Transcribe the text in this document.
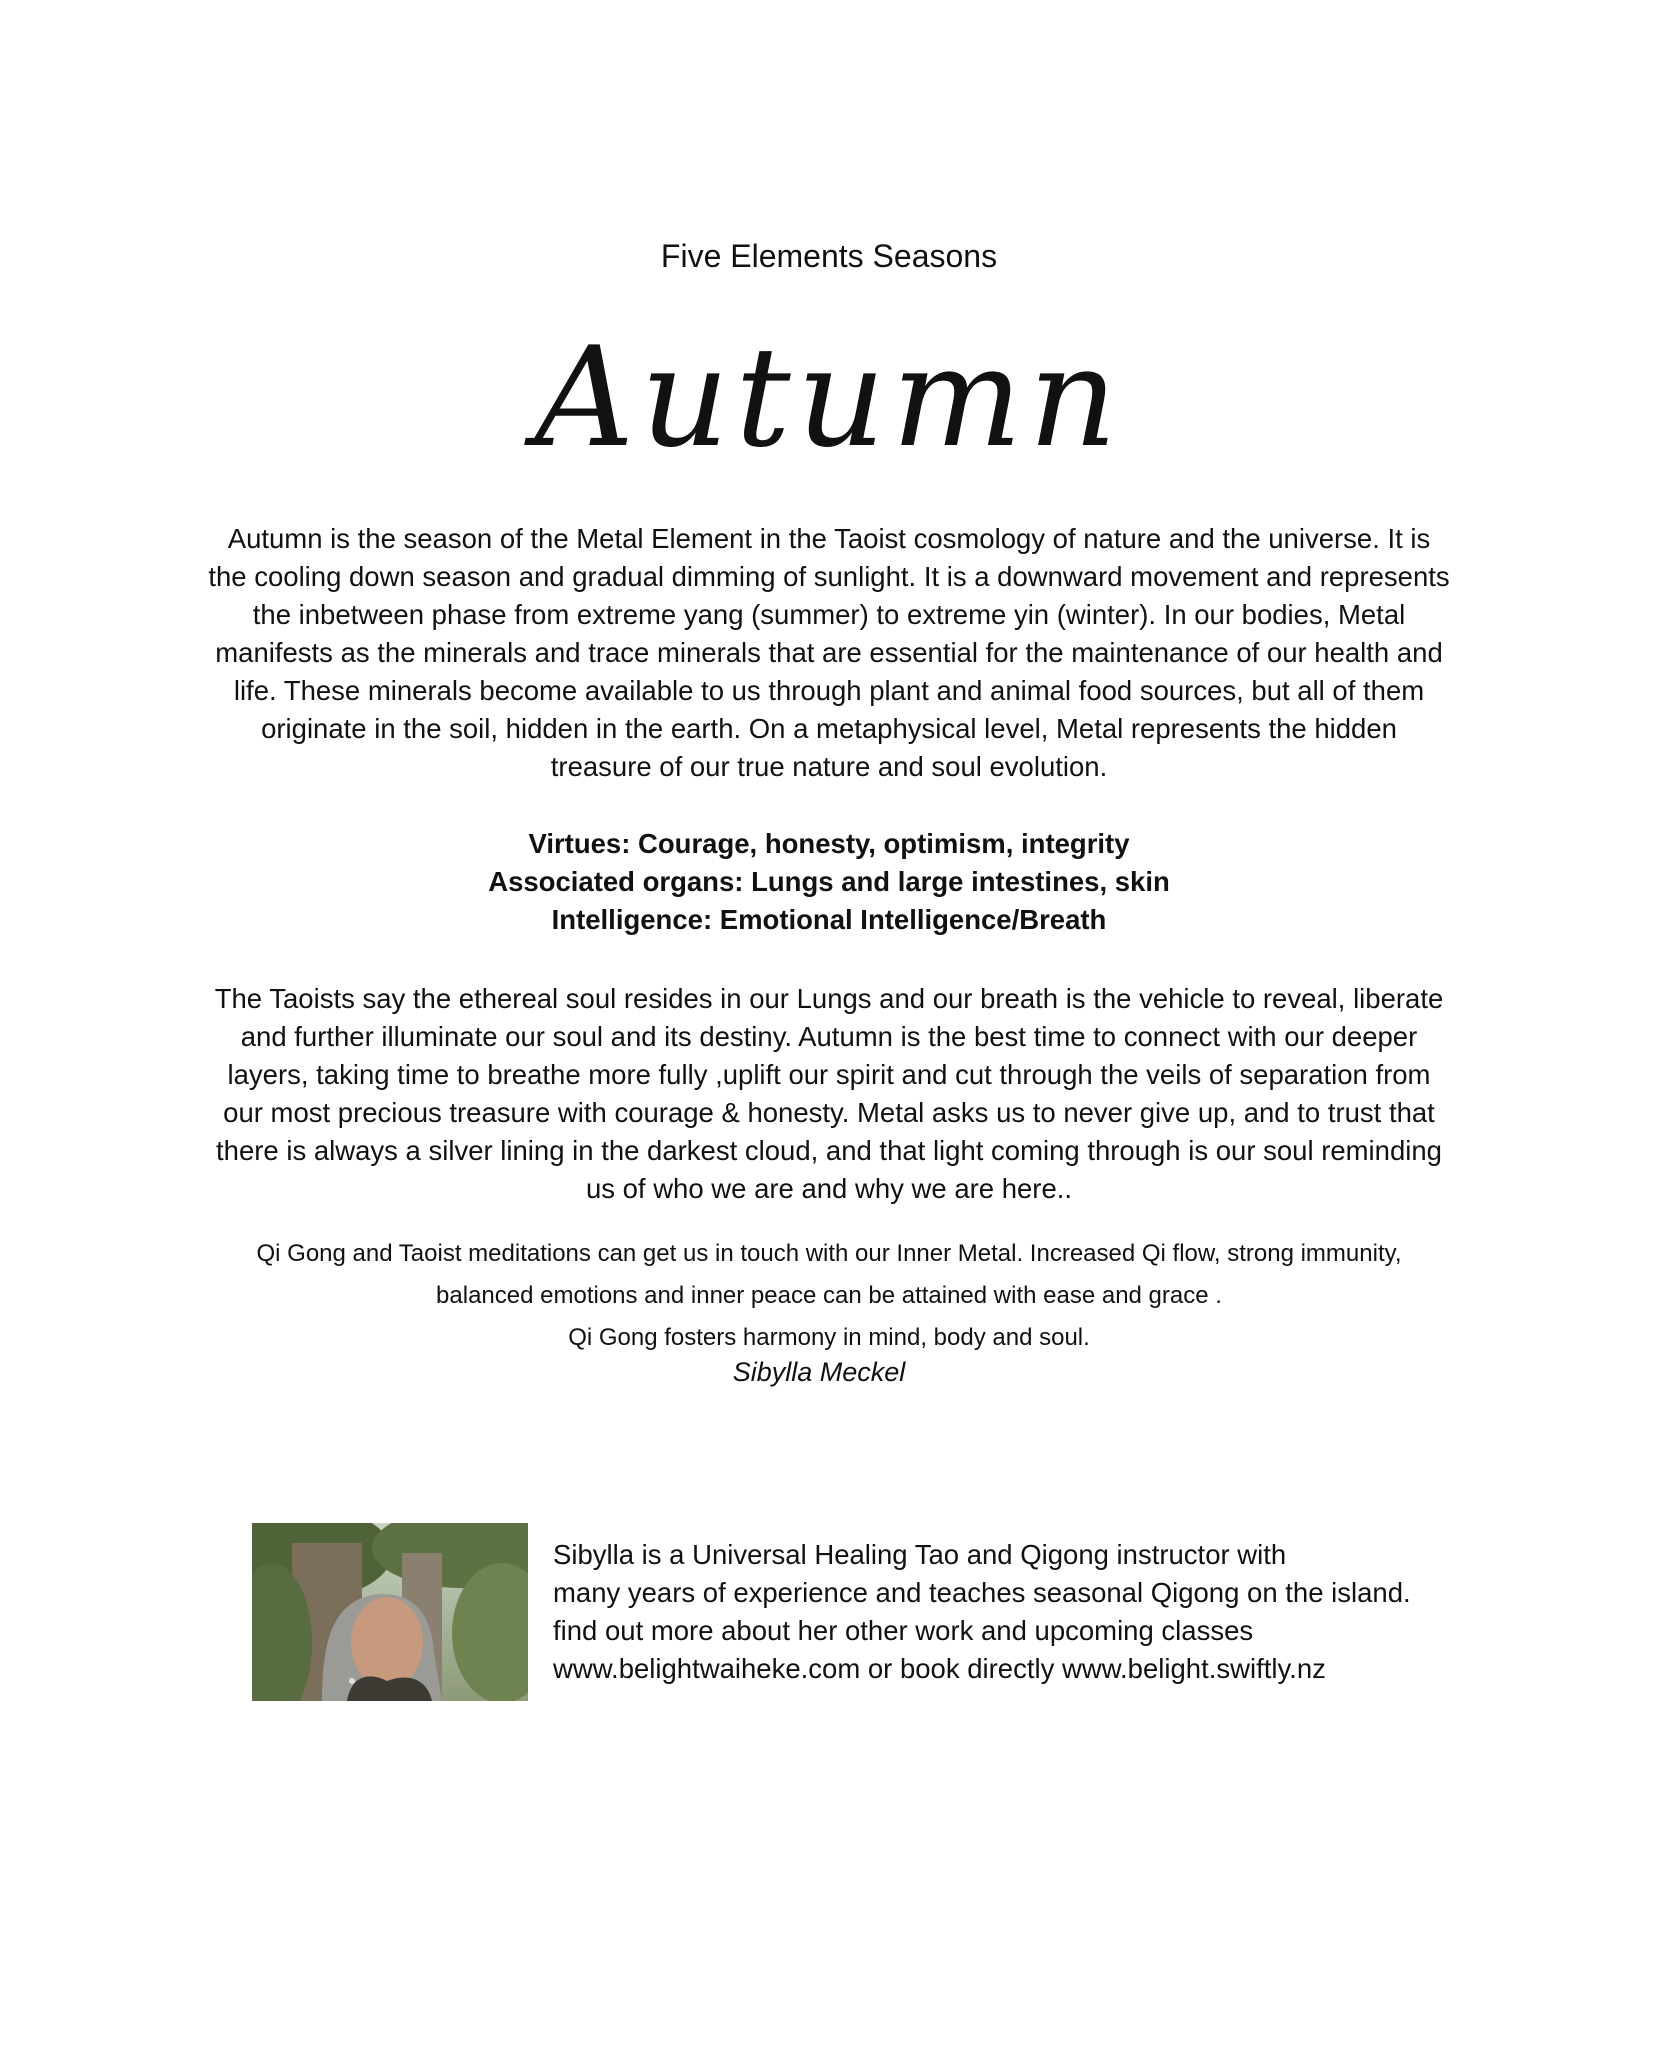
Five Elements Seasons
Autumn
Autumn is the season of the Metal Element in the Taoist cosmology of nature and the universe. It is
the cooling down season and gradual dimming of sunlight. It is a downward movement and represents
the inbetween phase from extreme yang (summer) to extreme yin (winter). In our bodies, Metal
manifests as the minerals and trace minerals that are essential for the maintenance of our health and
life. These minerals become available to us through plant and animal food sources, but all of them
originate in the soil, hidden in the earth. On a metaphysical level, Metal represents the hidden
treasure of our true nature and soul evolution.
Virtues: Courage, honesty, optimism, integrity
Associated organs: Lungs and large intestines, skin
Intelligence: Emotional Intelligence/Breath
The Taoists say the ethereal soul resides in our Lungs and our breath is the vehicle to reveal, liberate
and further illuminate our soul and its destiny. Autumn is the best time to connect with our deeper
layers, taking time to breathe more fully ,uplift our spirit and cut through the veils of separation from
our most precious treasure with courage & honesty. Metal asks us to never give up, and to trust that
there is always a silver lining in the darkest cloud, and that light coming through is our soul reminding
us of who we are and why we are here..
Qi Gong and Taoist meditations can get us in touch with our Inner Metal. Increased Qi flow, strong immunity,
balanced emotions and inner peace can be attained with ease and grace .
Qi Gong fosters harmony in mind, body and soul.
Sibylla Meckel
Sibylla is a Universal Healing Tao and Qigong instructor with
many years of experience and teaches seasonal Qigong on the island.
find out more about her other work and upcoming classes
www.belightwaiheke.com or book directly www.belight.swiftly.nz
